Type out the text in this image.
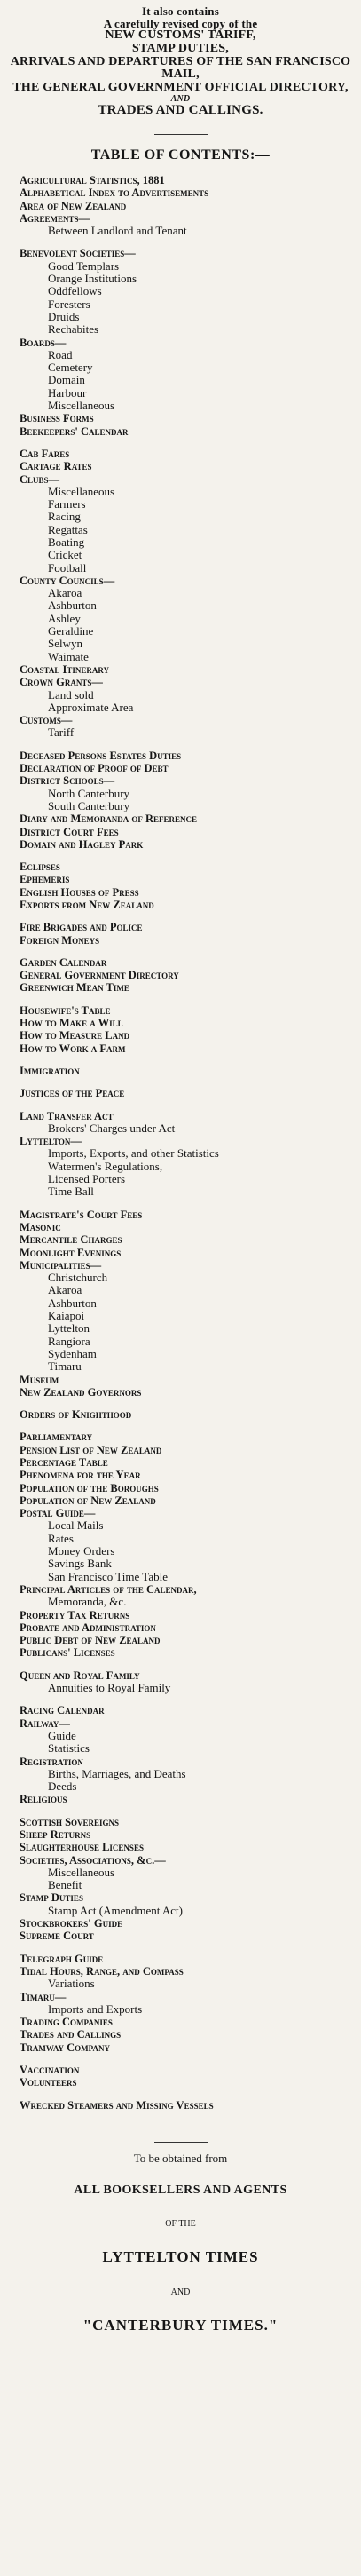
It also contains
A carefully revised copy of the
NEW CUSTOMS' TARIFF,
STAMP DUTIES,
ARRIVALS AND DEPARTURES OF THE SAN FRANCISCO MAIL,
THE GENERAL GOVERNMENT OFFICIAL DIRECTORY,
AND
TRADES AND CALLINGS.
TABLE OF CONTENTS:—
Agricultural Statistics, 1881
Alphabetical Index to Advertisements
Area of New Zealand
Agreements—
Between Landlord and Tenant
Benevolent Societies—
Good Templars
Orange Institutions
Oddfellows
Foresters
Druids
Rechabites
Boards—
Road
Cemetery
Domain
Harbour
Miscellaneous
Business Forms
Beekeepers' Calendar
Cab Fares
Cartage Rates
Clubs—
Miscellaneous
Farmers
Racing
Regattas
Boating
Cricket
Football
County Councils—
Akaroa
Ashburton
Ashley
Geraldine
Selwyn
Waimate
Coastal Itinerary
Crown Grants—
Land sold
Approximate Area
Customs—
Tariff
Deceased Persons Estates Duties
Declaration of Proof of Debt
District Schools—
North Canterbury
South Canterbury
Diary and Memoranda of Reference
District Court Fees
Domain and Hagley Park
Eclipses
Ephemeris
English Houses of Press
Exports from New Zealand
Fire Brigades and Police
Foreign Moneys
Garden Calendar
General Government Directory
Greenwich Mean Time
Housewife's Table
How to Make a Will
How to Measure Land
How to Work a Farm
Immigration
Justices of the Peace
Land Transfer Act
Brokers' Charges under Act
Lyttelton—
Imports, Exports, and other Statistics
Watermen's Regulations,
Licensed Porters
Time Ball
Magistrate's Court Fees
Masonic
Mercantile Charges
Moonlight Evenings
Municipalities—
Christchurch
Akaroa
Ashburton
Kaiapoi
Lyttelton
Rangiora
Sydenham
Timaru
Museum
New Zealand Governors
Orders of Knighthood
Parliamentary
Pension List of New Zealand
Percentage Table
Phenomena for the Year
Population of the Boroughs
Population of New Zealand
Postal Guide—
Local Mails
Rates
Money Orders
Savings Bank
San Francisco Time Table
Principal Articles of the Calendar,
Memoranda, &c.
Property Tax Returns
Probate and Administration
Public Debt of New Zealand
Publicans' Licenses
Queen and Royal Family
Annuities to Royal Family
Racing Calendar
Railway—
Guide
Statistics
Registration
Births, Marriages, and Deaths
Deeds
Religious
Scottish Sovereigns
Sheep Returns
Slaughterhouse Licenses
Societies, Associations, &c.—
Miscellaneous
Benefit
Stamp Duties
Stamp Act (Amendment Act)
Stockbrokers' Guide
Supreme Court
Telegraph Guide
Tidal Hours, Range, and Compass
Variations
Timaru—
Imports and Exports
Trading Companies
Trades and Callings
Tramway Company
Vaccination
Volunteers
Wrecked Steamers and Missing Vessels
To be obtained from
ALL BOOKSELLERS AND AGENTS
OF THE
LYTTELTON TIMES
AND
"CANTERBURY TIMES."
